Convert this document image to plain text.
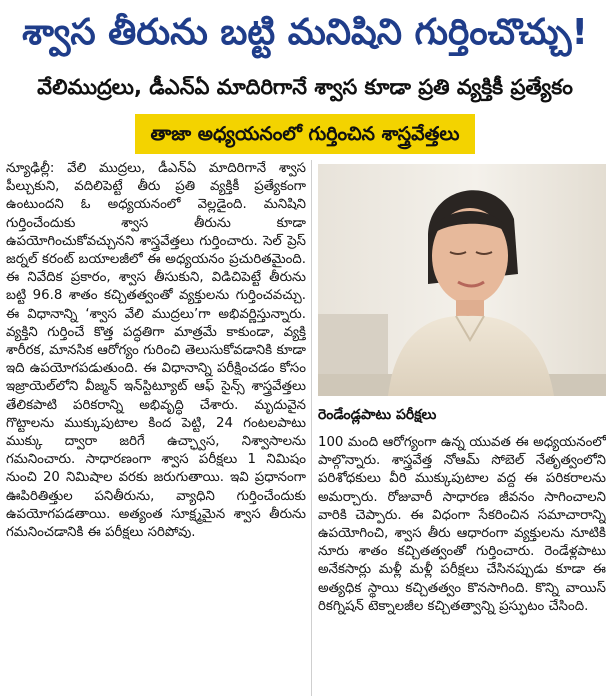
శ్వాస తీరును బట్టి మనిషిని గుర్తించొచ్చు!
వేలిముద్రలు, డీఎన్ఏ మాదిరిగానే శ్వాస కూడా ప్రతి వ్యక్తికీ ప్రత్యేకం
తాజా అధ్యయనంలో గుర్తించిన శాస్త్రవేత్తలు

న్యూఢిల్లీ: వేలి ముద్రలు, డీఎన్ఏ మాదిరిగానే శ్వాస పీల్చుకుని, వదిలిపెట్టే తీరు ప్రతి వ్యక్తికీ ప్రత్యేకంగా ఉంటుందని ఓ అధ్యయనంలో వెల్లడైంది. మనిషిని గుర్తించేందుకు శ్వాస తీరును కూడా ఉపయోగించుకోవచ్చునని శాస్త్రవేత్తలు గుర్తించారు. సెల్ ప్రెస్ జర్నల్ కరంట్ బయాలజీలో ఈ అధ్యయనం ప్రచురితమైంది. ఈ నివేదిక ప్రకారం, శ్వాస తీసుకుని, విడిచిపెట్టే తీరును బట్టి 96.8 శాతం కచ్చితత్వంతో వ్యక్తులను గుర్తించవచ్చు. ఈ విధానాన్ని ‘శ్వాస వేలి ముద్రలు’గా అభివర్ణిస్తున్నారు. వ్యక్తిని గుర్తించే కొత్త పద్ధతిగా మాత్రమే కాకుండా, వ్యక్తి శారీరక, మానసిక ఆరోగ్యం గురించి తెలుసుకోవడానికి కూడా ఇది ఉపయోగపడుతుంది. ఈ విధానాన్ని పరీక్షించడం కోసం ఇజ్రాయెల్‌లోని వీజ్మన్ ఇన్‌స్టిట్యూట్ ఆఫ్ సైన్స్ శాస్త్రవేత్తలు తేలికపాటి పరికరాన్ని అభివృద్ధి చేశారు. మృదువైన గొట్టాలను ముక్కుపుటాల కింద పెట్టి, 24 గంటలపాటు ముక్కు ద్వారా జరిగే ఉచ్ఛ్వాస, నిశ్వాసాలను గమనించారు. సాధారణంగా శ్వాస పరీక్షలు 1 నిమిషం నుంచి 20 నిమిషాల వరకు జరుగుతాయి. ఇవి ప్రధానంగా ఊపిరితిత్తుల పనితీరును, వ్యాధిని గుర్తించేందుకు ఉపయోగపడతాయి. అత్యంత సూక్ష్మమైన శ్వాస తీరును గమనించడానికి ఈ పరీక్షలు సరిపోవు.

రెండేండ్లపాటు పరీక్షలు

100 మంది ఆరోగ్యంగా ఉన్న యువత ఈ అధ్యయనంలో పాల్గొన్నారు. శాస్త్రవేత్త నోఆమ్ సోబెల్ నేతృత్వంలోని పరిశోధకులు వీరి ముక్కుపుటాల వద్ద ఈ పరికరాలను అమర్చారు. రోజువారీ సాధారణ జీవనం సాగించాలని వారికి చెప్పారు. ఈ విధంగా సేకరించిన సమాచారాన్ని ఉపయోగించి, శ్వాస తీరు ఆధారంగా వ్యక్తులను నూటికి నూరు శాతం కచ్చితత్వంతో గుర్తించారు. రెండేళ్లపాటు అనేకసార్లు మళ్లీ మళ్లీ పరీక్షలు చేసినప్పుడు కూడా ఈ అత్యధిక స్థాయి కచ్చితత్వం కొనసాగింది. కొన్ని వాయిస్ రికగ్నిషన్ టెక్నాలజీల కచ్చితత్వాన్ని ప్రస్ఫుటం చేసింది.
